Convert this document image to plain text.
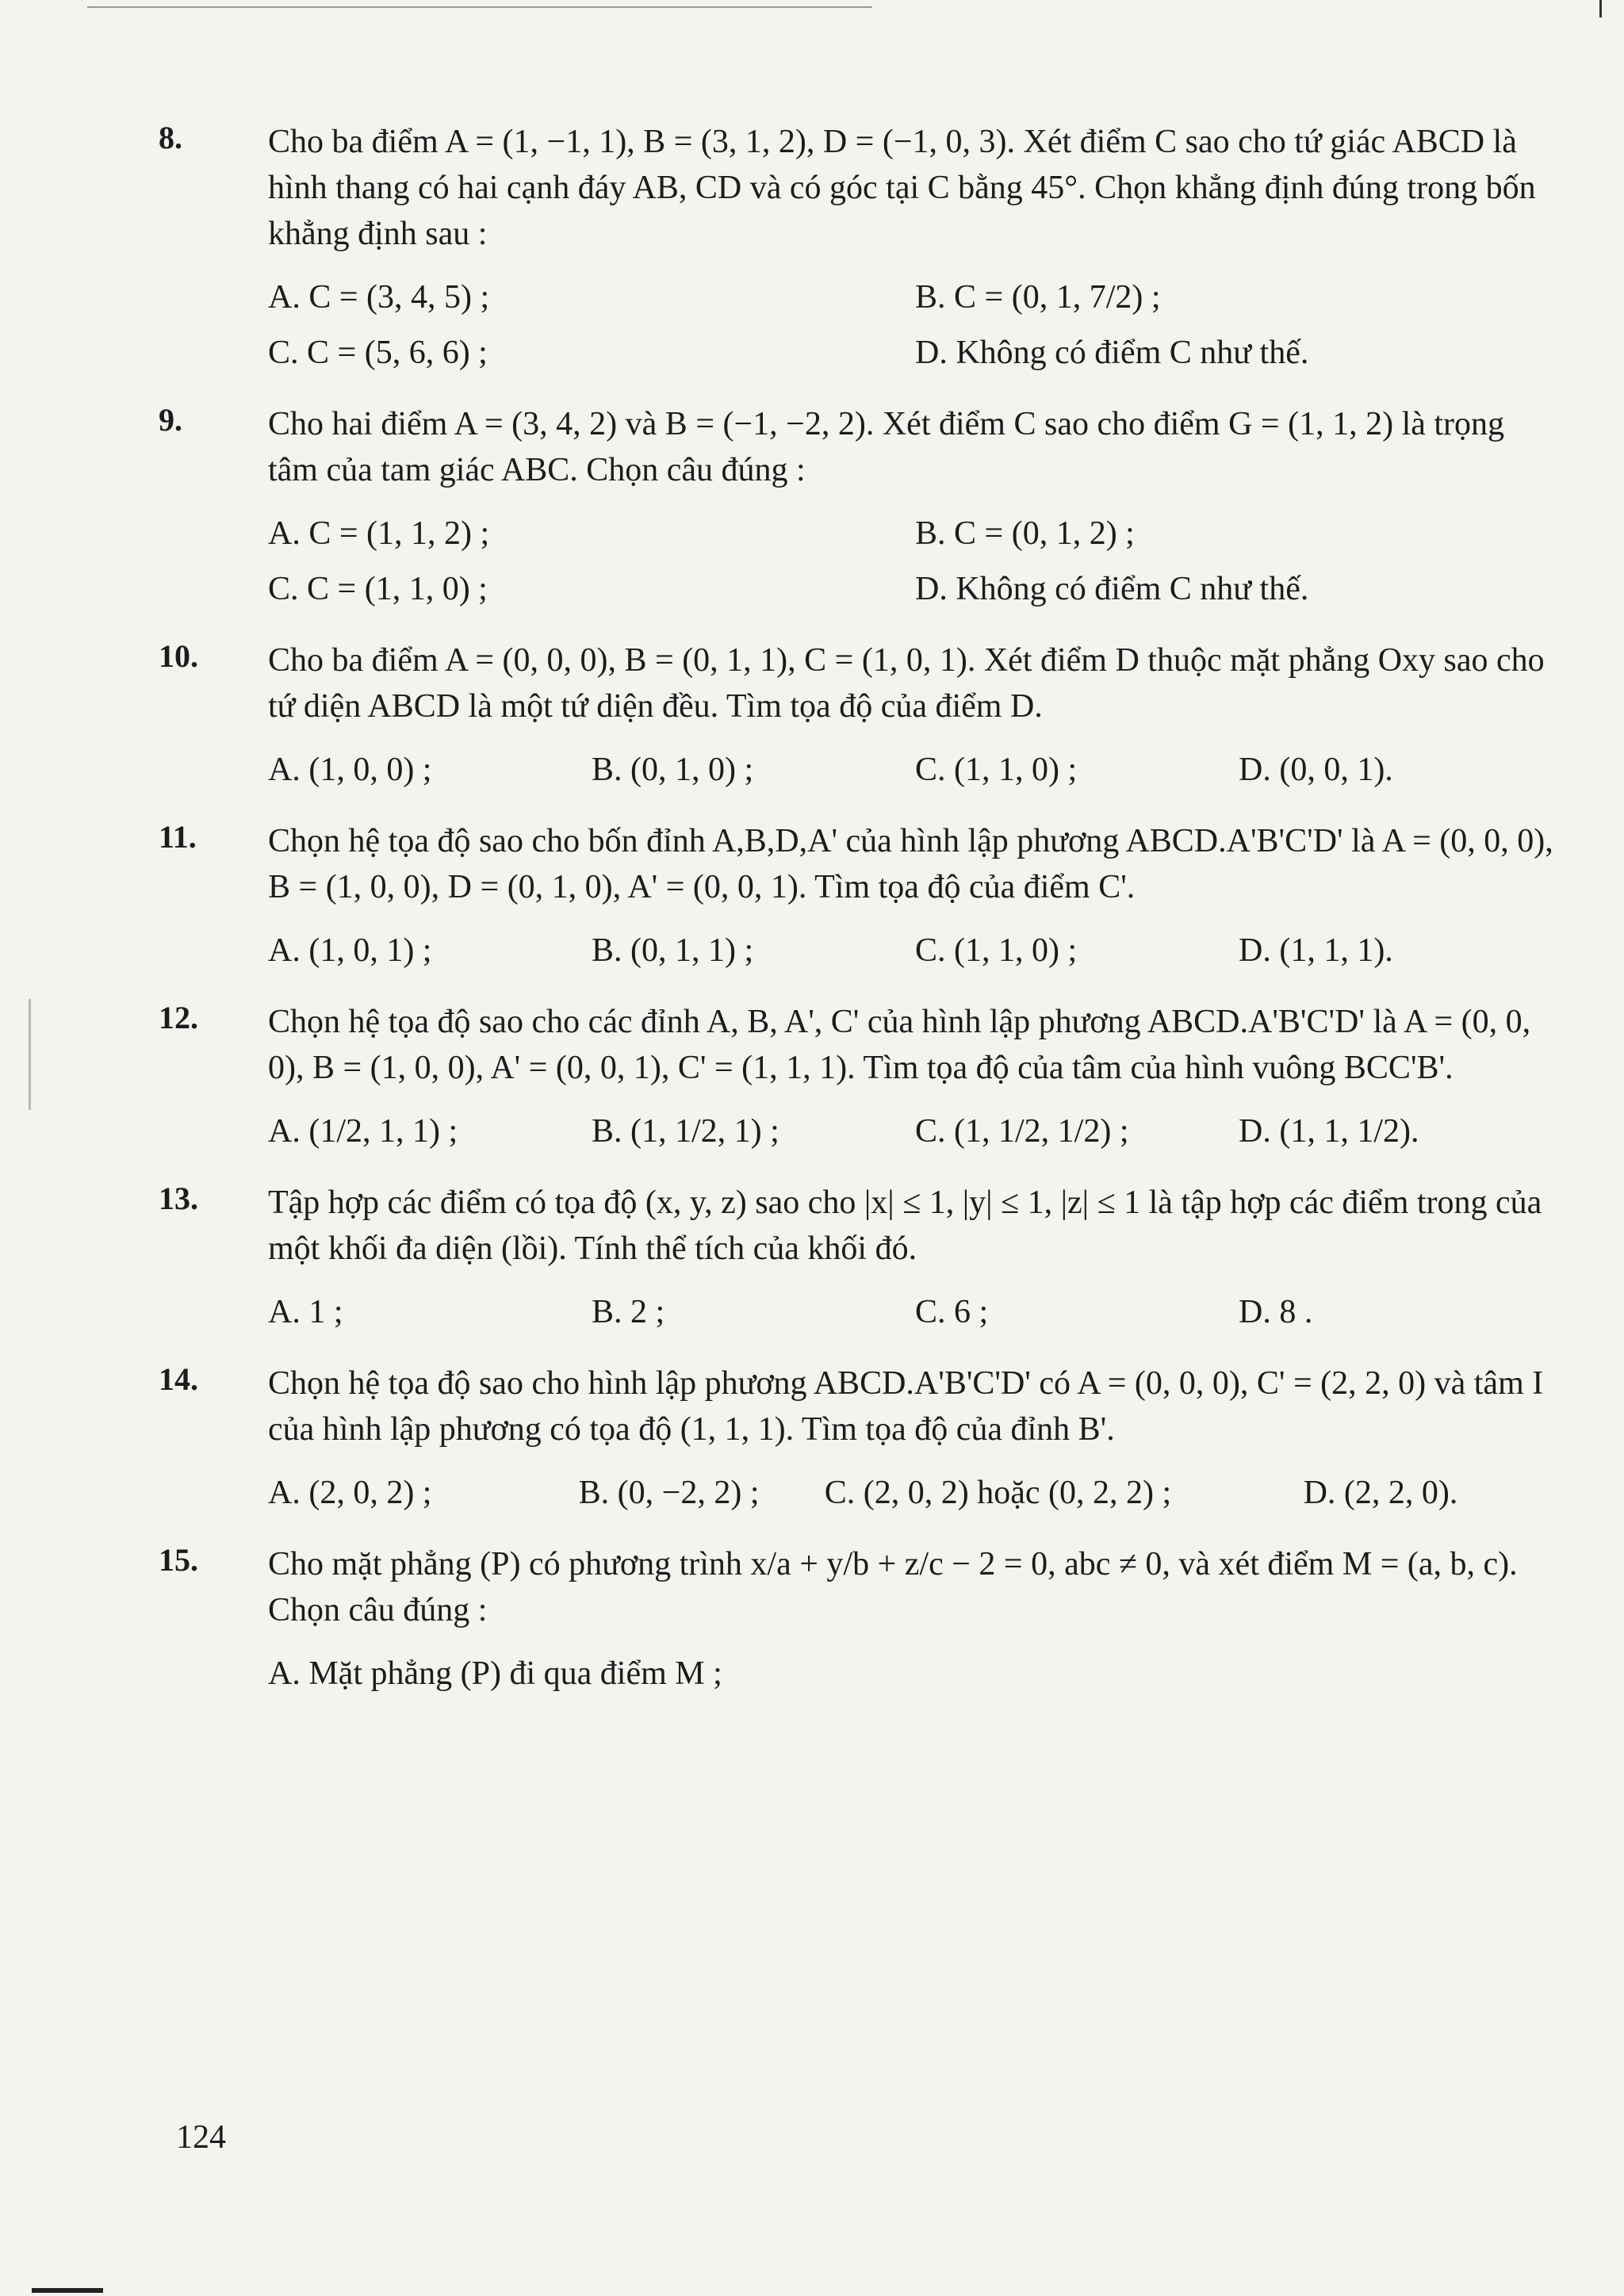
8.	Cho ba điểm A = (1, −1, 1), B = (3, 1, 2), D = (−1, 0, 3). Xét điểm C sao cho tứ giác ABCD là hình thang có hai cạnh đáy AB, CD và có góc tại C bằng 45°. Chọn khẳng định đúng trong bốn khẳng định sau :
A. C = (3, 4, 5) ;	B. C = (0, 1, 7/2) ;
C. C = (5, 6, 6) ;	D. Không có điểm C như thế.
9.	Cho hai điểm A = (3, 4, 2) và B = (−1, −2, 2). Xét điểm C sao cho điểm G = (1, 1, 2) là trọng tâm của tam giác ABC. Chọn câu đúng :
A. C = (1, 1, 2) ;	B. C = (0, 1, 2) ;
C. C = (1, 1, 0) ;	D. Không có điểm C như thế.
10. Cho ba điểm A = (0, 0, 0), B = (0, 1, 1), C = (1, 0, 1). Xét điểm D thuộc mặt phẳng Oxy sao cho tứ diện ABCD là một tứ diện đều. Tìm tọa độ của điểm D.
A. (1, 0, 0) ;	B. (0, 1, 0) ;	C. (1, 1, 0) ;	D. (0, 0, 1).
11. Chọn hệ tọa độ sao cho bốn đỉnh A,B,D,A' của hình lập phương ABCD.A'B'C'D' là A = (0, 0, 0), B = (1, 0, 0), D = (0, 1, 0), A' = (0, 0, 1). Tìm tọa độ của điểm C'.
A. (1, 0, 1) ;	B. (0, 1, 1) ;	C. (1, 1, 0) ;	D. (1, 1, 1).
12. Chọn hệ tọa độ sao cho các đỉnh A, B, A', C' của hình lập phương ABCD.A'B'C'D' là A = (0, 0, 0), B = (1, 0, 0), A' = (0, 0, 1), C' = (1, 1, 1). Tìm tọa độ của tâm của hình vuông BCC'B'.
A. (1/2, 1, 1) ;	B. (1, 1/2, 1) ;	C. (1, 1/2, 1/2) ;	D. (1, 1, 1/2).
13. Tập hợp các điểm có tọa độ (x, y, z) sao cho |x| ≤ 1, |y| ≤ 1, |z| ≤ 1 là tập hợp các điểm trong của một khối đa diện (lồi). Tính thể tích của khối đó.
A. 1 ;	B. 2 ;	C. 6 ;	D. 8 .
14. Chọn hệ tọa độ sao cho hình lập phương ABCD.A'B'C'D' có A = (0, 0, 0), C' = (2, 2, 0) và tâm I của hình lập phương có tọa độ (1, 1, 1). Tìm tọa độ của đỉnh B'.
A. (2, 0, 2) ;	B. (0, −2, 2) ;	C. (2, 0, 2) hoặc (0, 2, 2) ;	D. (2, 2, 0).
15. Cho mặt phẳng (P) có phương trình x/a + y/b + z/c − 2 = 0, abc ≠ 0, và xét điểm M = (a, b, c). Chọn câu đúng :
A. Mặt phẳng (P) đi qua điểm M ;
124
